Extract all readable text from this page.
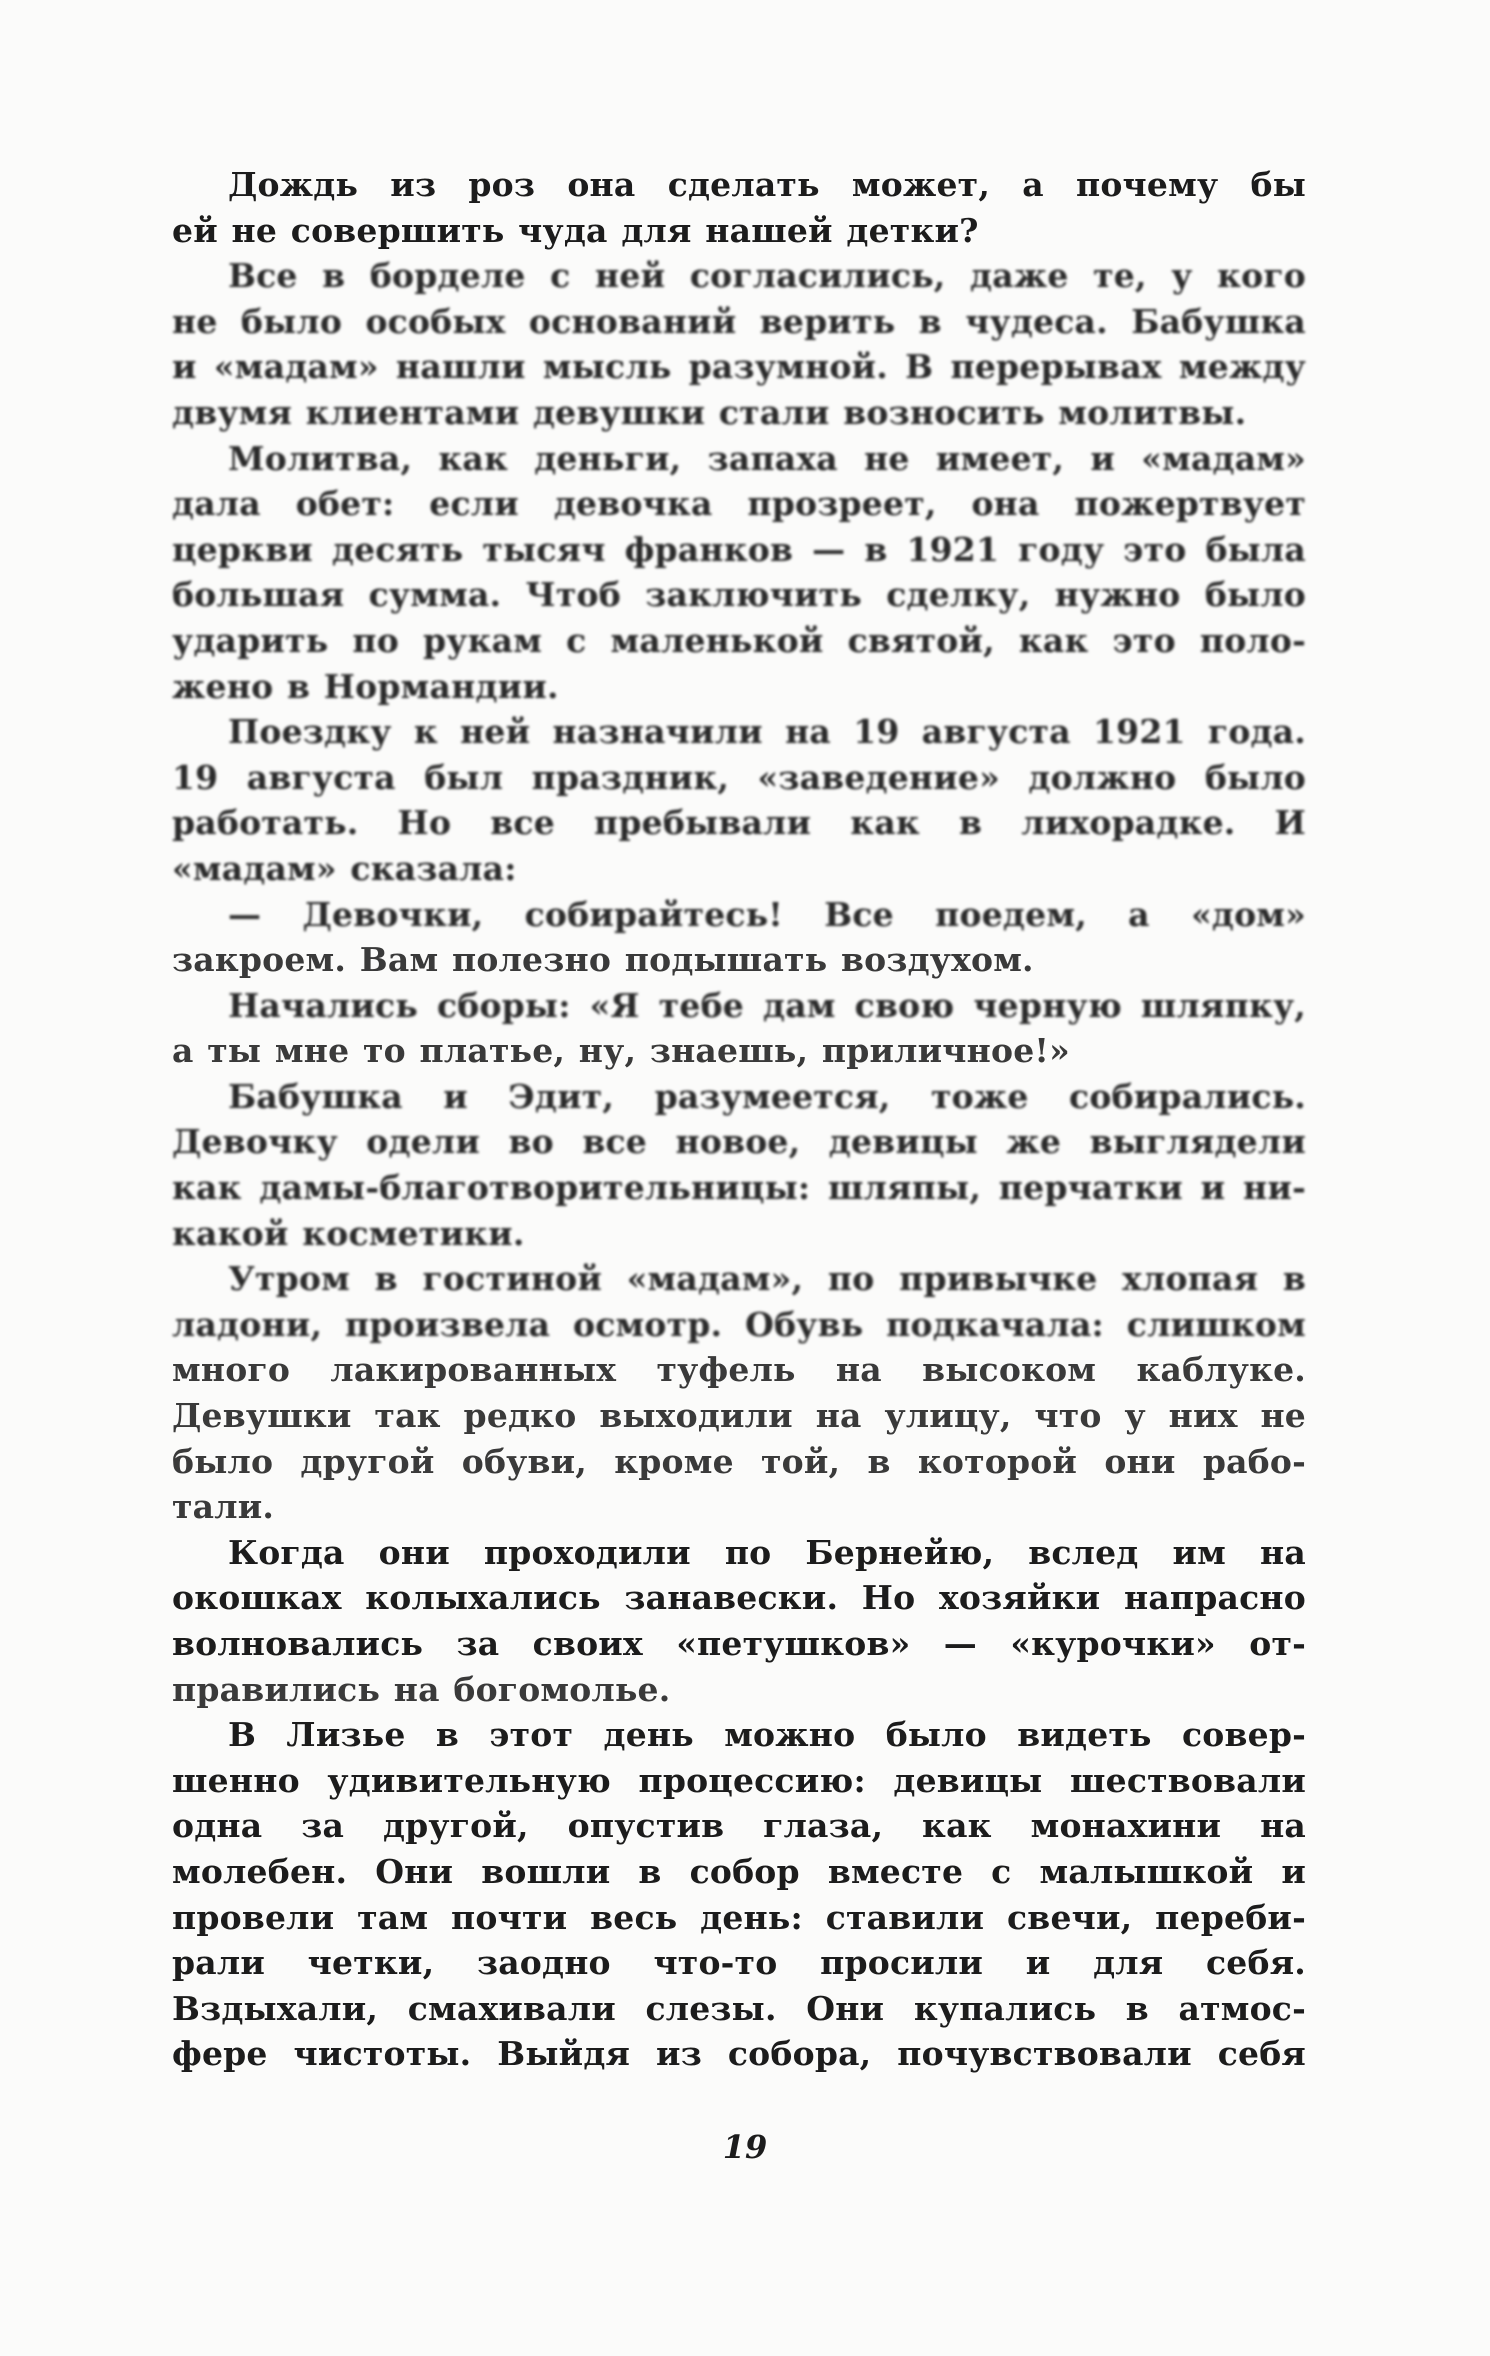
Дождь из роз она сделать может, а почему бы
ей не совершить чуда для нашей детки?
Все в борделе с ней согласились, даже те, у кого
не было особых оснований верить в чудеса. Бабушка
и «мадам» нашли мысль разумной. В перерывах между
двумя клиентами девушки стали возносить молитвы.
Молитва, как деньги, запаха не имеет, и «мадам»
дала обет: если девочка прозреет, она пожертвует
церкви десять тысяч франков — в 1921 году это была
большая сумма. Чтоб заключить сделку, нужно было
ударить по рукам с маленькой святой, как это поло-
жено в Нормандии.
Поездку к ней назначили на 19 августа 1921 года.
19 августа был праздник, «заведение» должно было
работать. Но все пребывали как в лихорадке. И
«мадам» сказала:
— Девочки, собирайтесь! Все поедем, а «дом»
закроем. Вам полезно подышать воздухом.
Начались сборы: «Я тебе дам свою черную шляпку,
а ты мне то платье, ну, знаешь, приличное!»
Бабушка и Эдит, разумеется, тоже собирались.
Девочку одели во все новое, девицы же выглядели
как дамы-благотворительницы: шляпы, перчатки и ни-
какой косметики.
Утром в гостиной «мадам», по привычке хлопая в
ладони, произвела осмотр. Обувь подкачала: слишком
много лакированных туфель на высоком каблуке.
Девушки так редко выходили на улицу, что у них не
было другой обуви, кроме той, в которой они рабо-
тали.
Когда они проходили по Бернейю, вслед им на
окошках колыхались занавески. Но хозяйки напрасно
волновались за своих «петушков» — «курочки» от-
правились на богомолье.
В Лизье в этот день можно было видеть совер-
шенно удивительную процессию: девицы шествовали
одна за другой, опустив глаза, как монахини на
молебен. Они вошли в собор вместе с малышкой и
провели там почти весь день: ставили свечи, переби-
рали четки, заодно что-то просили и для себя.
Вздыхали, смахивали слезы. Они купались в атмос-
фере чистоты. Выйдя из собора, почувствовали себя
19
